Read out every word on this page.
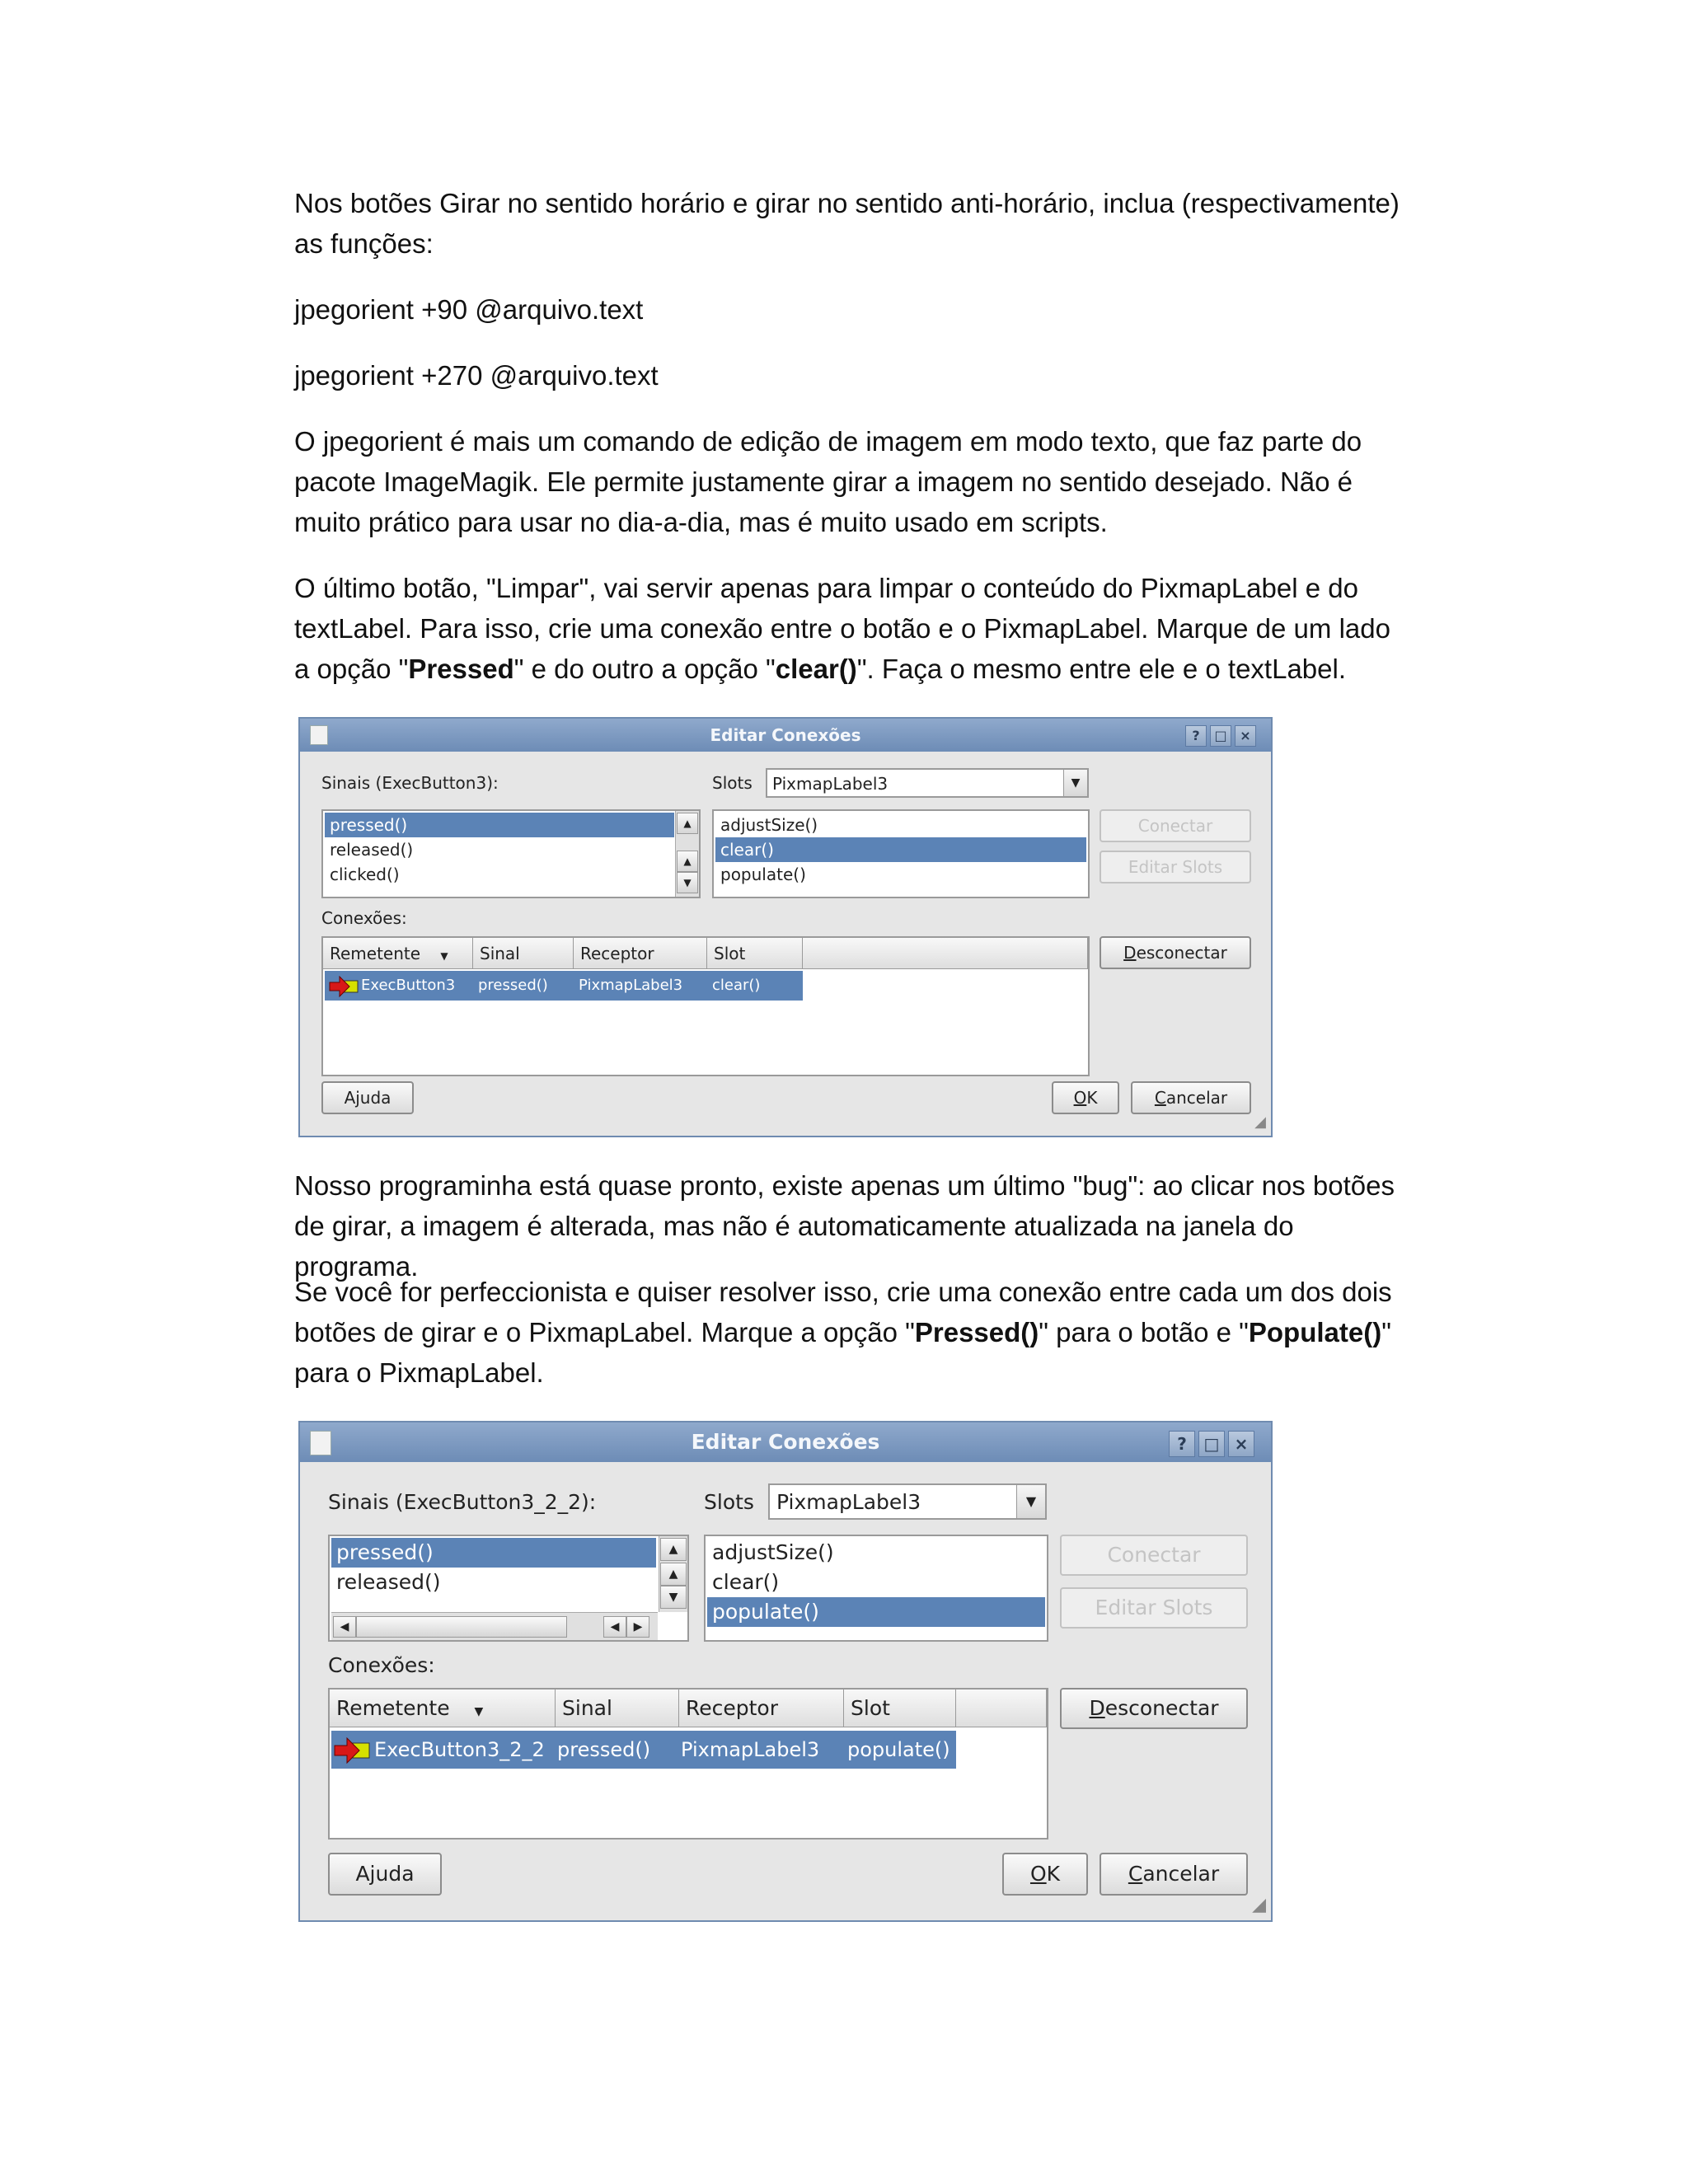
Nos botões Girar no sentido horário e girar no sentido anti-horário, inclua (respectivamente) as funções:

jpegorient +90 @arquivo.text

jpegorient +270 @arquivo.text

O jpegorient é mais um comando de edição de imagem em modo texto, que faz parte do pacote ImageMagik. Ele permite justamente girar a imagem no sentido desejado. Não é muito prático para usar no dia-a-dia, mas é muito usado em scripts.

O último botão, "Limpar", vai servir apenas para limpar o conteúdo do PixmapLabel e do textLabel. Para isso, crie uma conexão entre o botão e o PixmapLabel. Marque de um lado a opção "Pressed" e do outro a opção "clear()". Faça o mesmo entre ele e o textLabel.

Nosso programinha está quase pronto, existe apenas um último "bug": ao clicar nos botões de girar, a imagem é alterada, mas não é automaticamente atualizada na janela do programa.

Se você for perfeccionista e quiser resolver isso, crie uma conexão entre cada um dos dois botões de girar e o PixmapLabel. Marque a opção "Pressed()" para o botão e "Populate()" para o PixmapLabel.

Editar Conexões	?	□ ×
Sinais (ExecButton3):	Slots PixmapLabel3	▼
pressed()
released()
clicked()
▲
▲
▼
adjustSize()
clear()
populate()
Conectar
Editar Slots
Conexões:
Remetente ▼	Sinal	Receptor	Slot
ExecButton3 pressed() PixmapLabel3 clear()
Desconectar
Ajuda	OK	Cancelar
◢
Editar Conexões	?	□ ×
Sinais (ExecButton3_2_2):	Slots PixmapLabel3	▼
pressed()
released()
▲
▲
▼
◀	◀	▶
adjustSize()
clear()
populate()
Conectar
Editar Slots
Conexões:
Remetente ▼	Sinal	Receptor	Slot
ExecButton3_2_2 pressed() PixmapLabel3 populate()
Desconectar
Ajuda	OK	Cancelar
◢
